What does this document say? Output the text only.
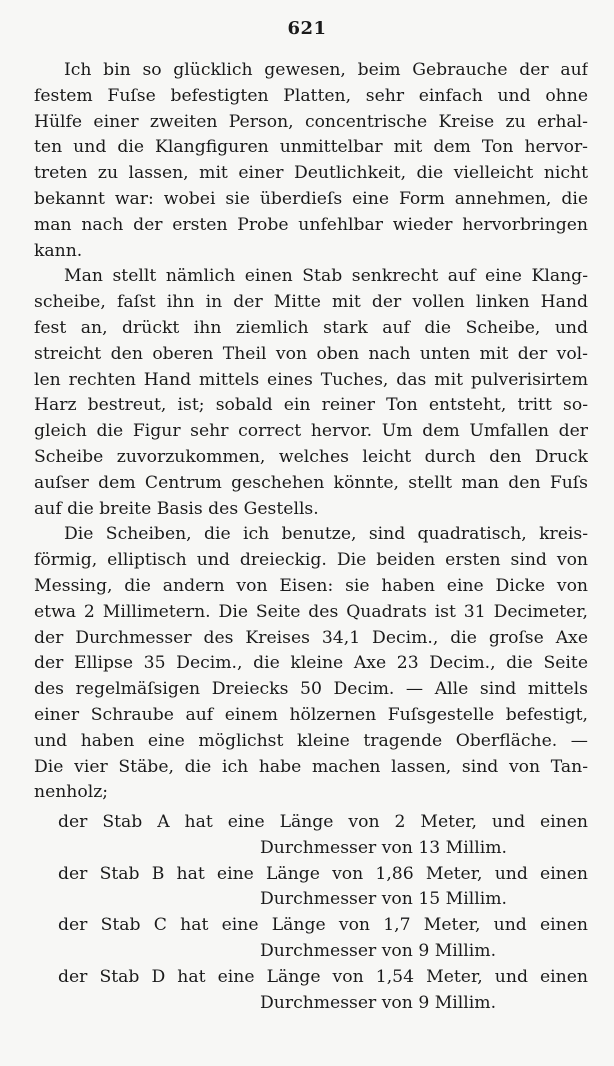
621
Ich bin so glücklich gewesen, beim Gebrauche der auf
festem Fuſse befestigten Platten, sehr einfach und ohne
Hülfe einer zweiten Person, concentrische Kreise zu erhal-
ten und die Klangfiguren unmittelbar mit dem Ton hervor-
treten zu lassen, mit einer Deutlichkeit, die vielleicht nicht
bekannt war: wobei sie überdieſs eine Form annehmen, die
man nach der ersten Probe unfehlbar wieder hervorbringen
kann.
Man stellt nämlich einen Stab senkrecht auf eine Klang-
scheibe, faſst ihn in der Mitte mit der vollen linken Hand
fest an, drückt ihn ziemlich stark auf die Scheibe, und
streicht den oberen Theil von oben nach unten mit der vol-
len rechten Hand mittels eines Tuches, das mit pulverisirtem
Harz bestreut, ist; sobald ein reiner Ton entsteht, tritt so-
gleich die Figur sehr correct hervor. Um dem Umfallen der
Scheibe zuvorzukommen, welches leicht durch den Druck
auſser dem Centrum geschehen könnte, stellt man den Fuſs
auf die breite Basis des Gestells.
Die Scheiben, die ich benutze, sind quadratisch, kreis-
förmig, elliptisch und dreieckig. Die beiden ersten sind von
Messing, die andern von Eisen: sie haben eine Dicke von
etwa 2 Millimetern. Die Seite des Quadrats ist 31 Decimeter,
der Durchmesser des Kreises 34,1 Decim., die groſse Axe
der Ellipse 35 Decim., die kleine Axe 23 Decim., die Seite
des regelmäſsigen Dreiecks 50 Decim. — Alle sind mittels
einer Schraube auf einem hölzernen Fuſsgestelle befestigt,
und haben eine möglichst kleine tragende Oberfläche. —
Die vier Stäbe, die ich habe machen lassen, sind von Tan-
nenholz;
der Stab A hat eine Länge von 2 Meter, und einen
Durchmesser von 13 Millim.
der Stab B hat eine Länge von 1,86 Meter, und einen
Durchmesser von 15 Millim.
der Stab C hat eine Länge von 1,7 Meter, und einen
Durchmesser von 9 Millim.
der Stab D hat eine Länge von 1,54 Meter, und einen
Durchmesser von 9 Millim.
